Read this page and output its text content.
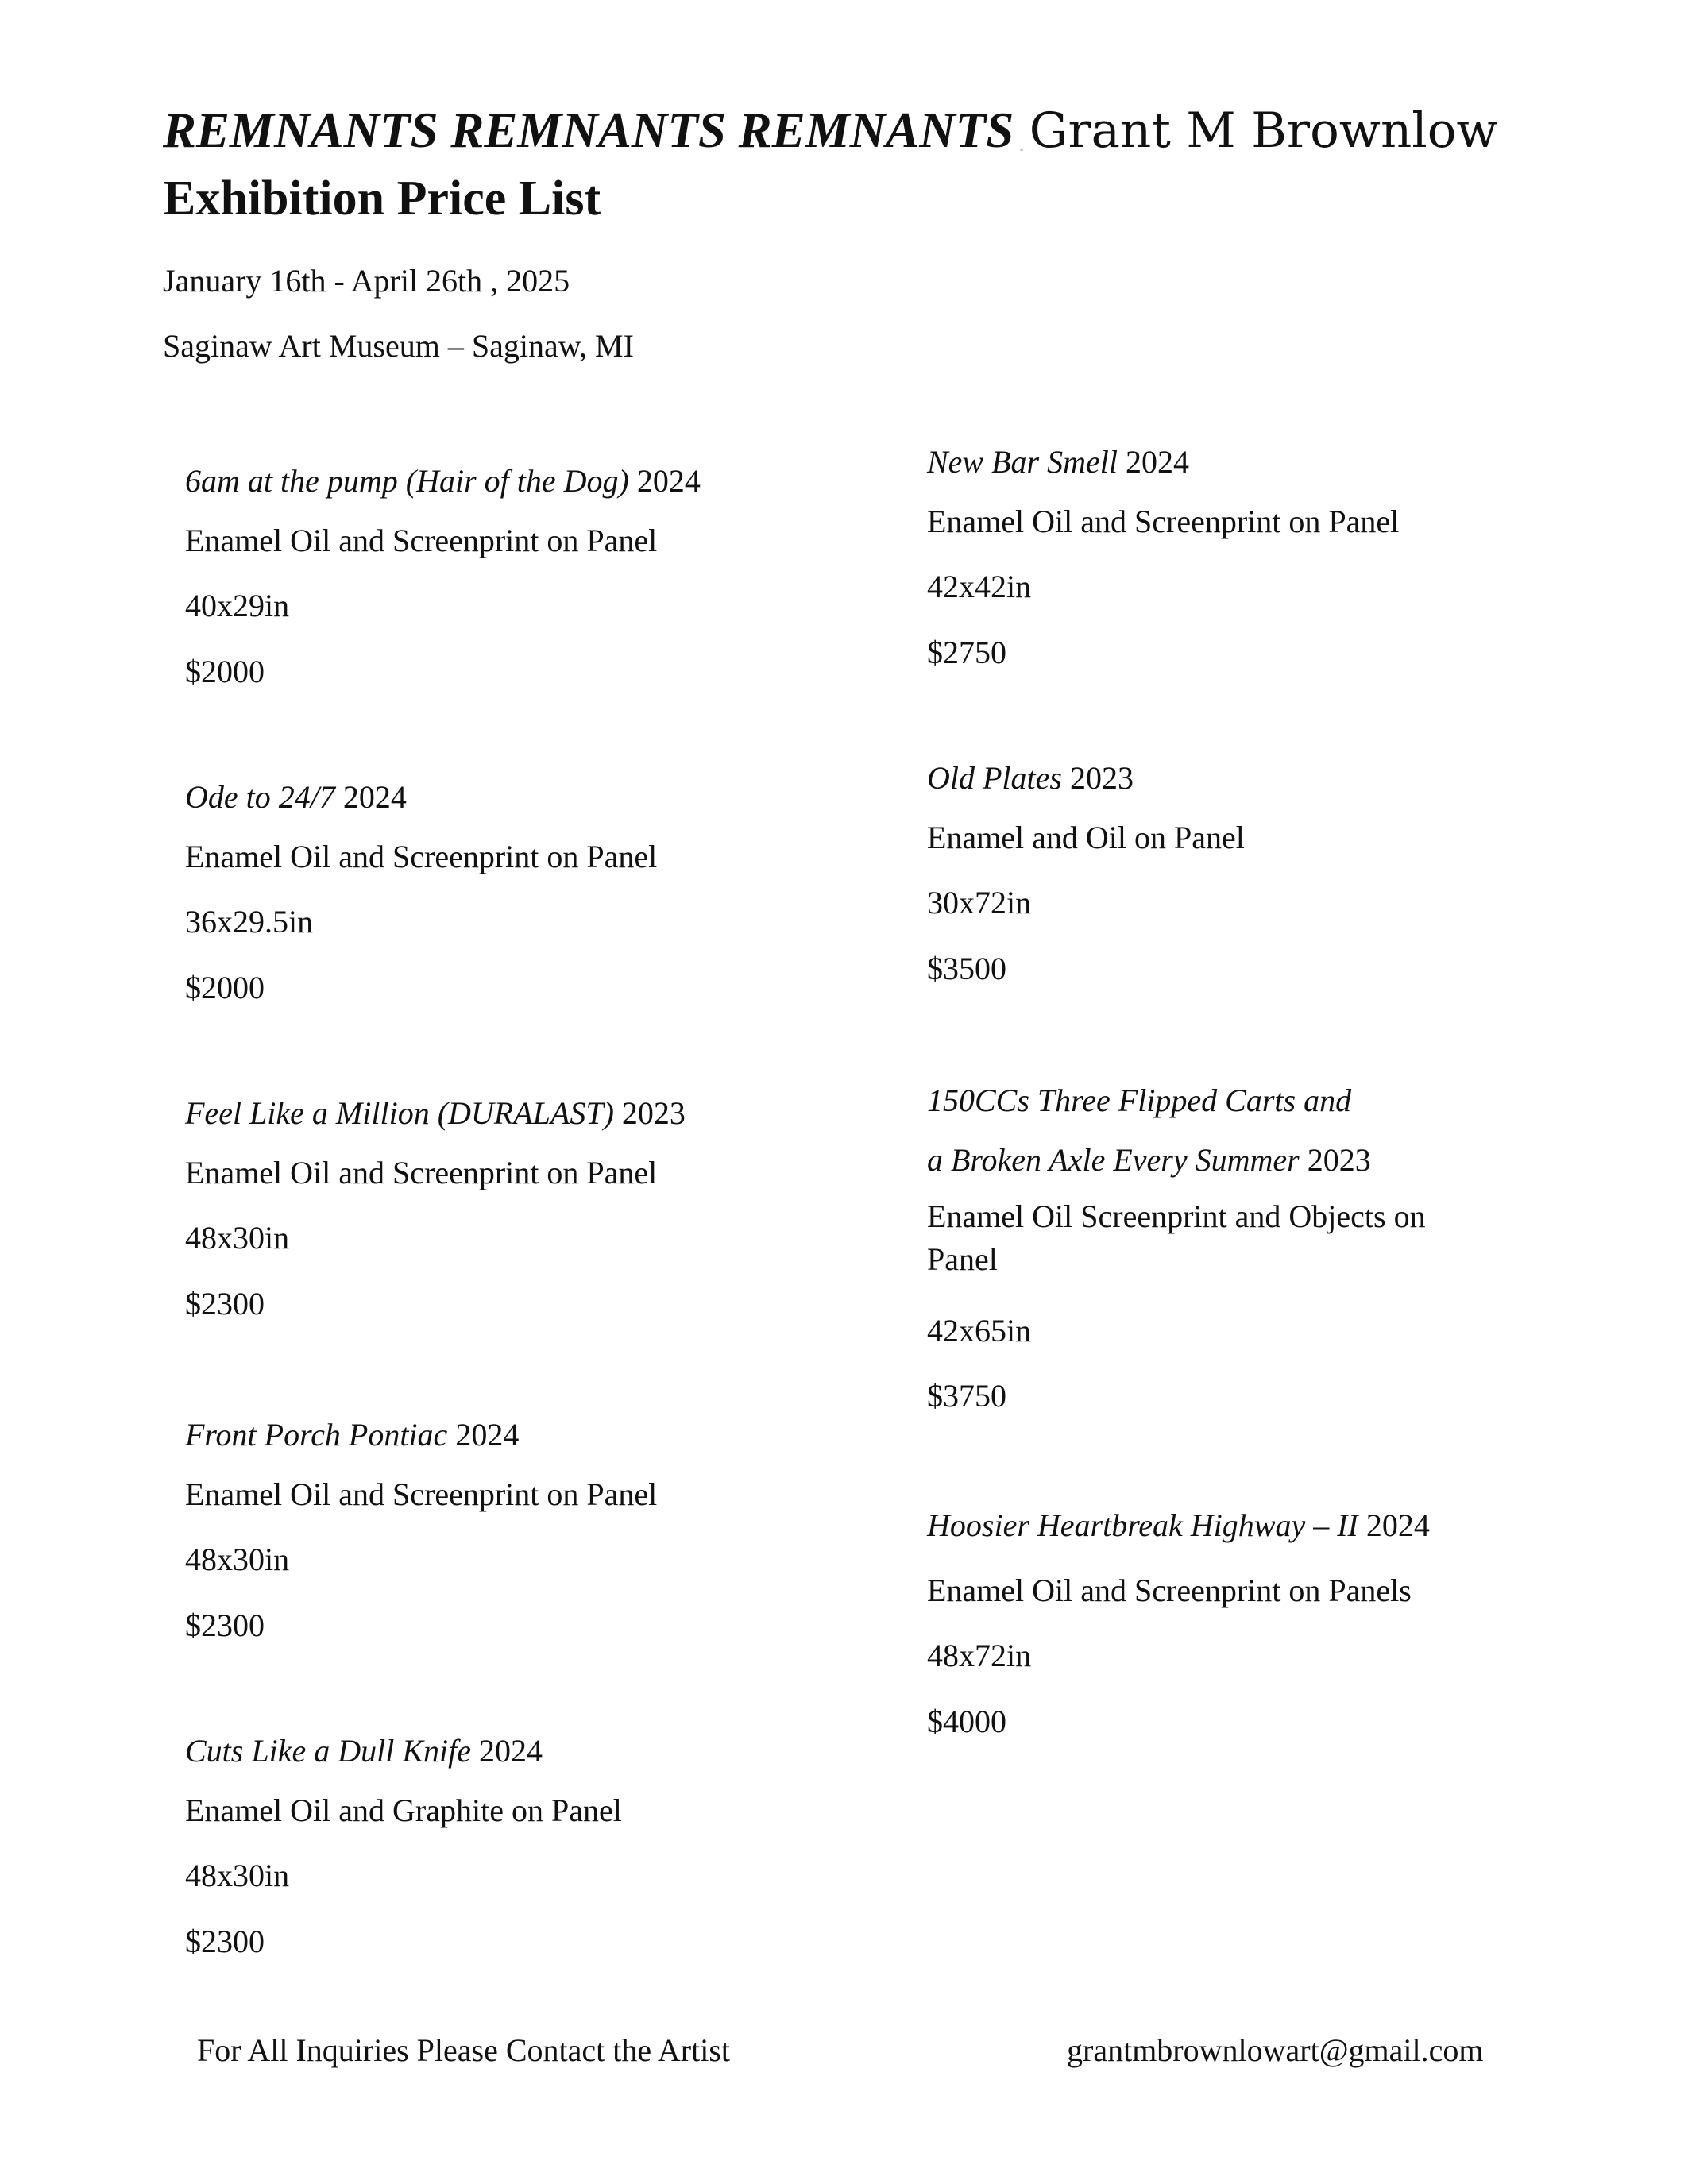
REMNANTS REMNANTS REMNANTS .Grant M Brownlow
Exhibition Price List
January 16th - April 26th , 2025
Saginaw Art Museum – Saginaw, MI
6am at the pump (Hair of the Dog) 2024
Enamel Oil and Screenprint on Panel
40x29in
$2000
Ode to 24/7 2024
Enamel Oil and Screenprint on Panel
36x29.5in
$2000
Feel Like a Million (DURALAST) 2023
Enamel Oil and Screenprint on Panel
48x30in
$2300
Front Porch Pontiac 2024
Enamel Oil and Screenprint on Panel
48x30in
$2300
Cuts Like a Dull Knife 2024
Enamel Oil and Graphite on Panel
48x30in
$2300
New Bar Smell 2024
Enamel Oil and Screenprint on Panel
42x42in
$2750
Old Plates 2023
Enamel and Oil on Panel
30x72in
$3500
150CCs Three Flipped Carts and
a Broken Axle Every Summer 2023
Enamel Oil Screenprint and Objects on Panel
42x65in
$3750
Hoosier Heartbreak Highway – II 2024
Enamel Oil and Screenprint on Panels
48x72in
$4000
For All Inquiries Please Contact the Artist	grantmbrownlowart@gmail.com
